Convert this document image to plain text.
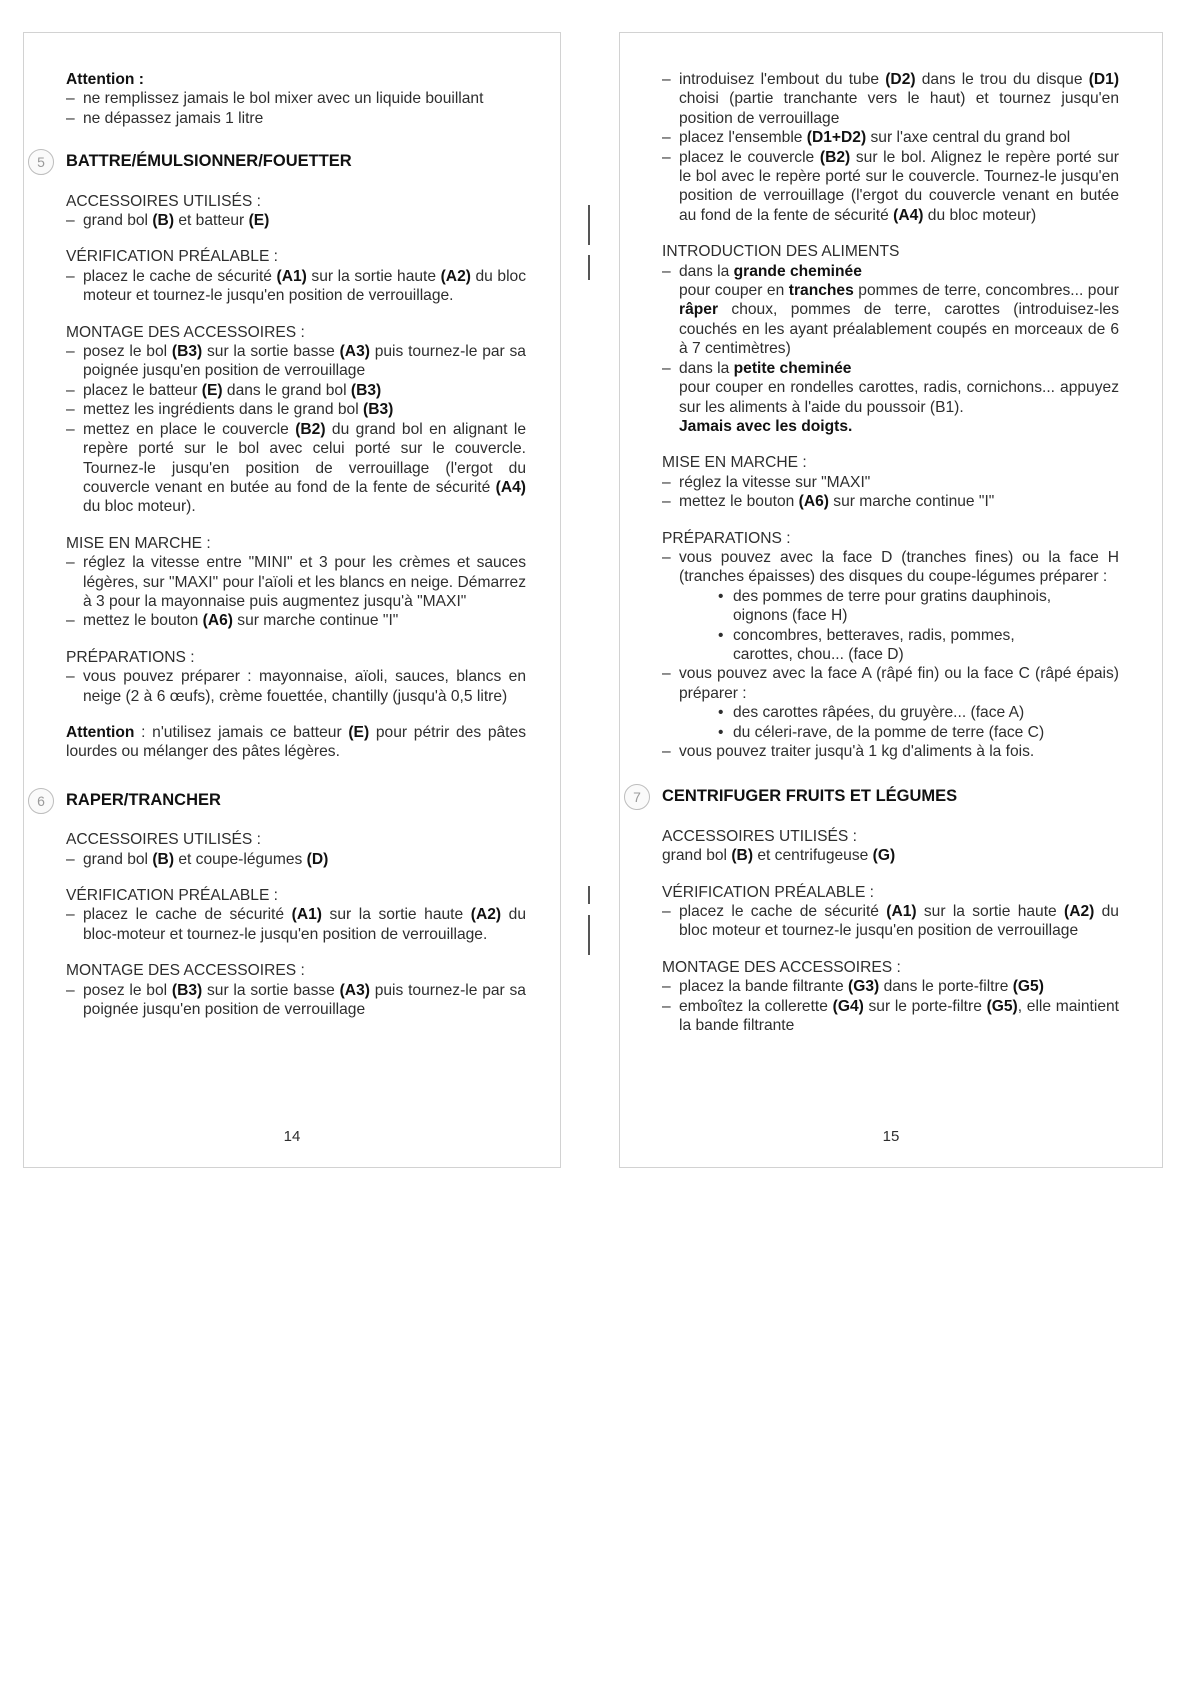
Attention :

– ne remplissez jamais le bol mixer avec un liquide bouillant

– ne dépassez jamais 1 litre

5	BATTRE/ÉMULSIONNER/FOUETTER

ACCESSOIRES UTILISÉS :

– grand bol (B) et batteur (E)

VÉRIFICATION PRÉALABLE :

– placez le cache de sécurité (A1) sur la sortie haute (A2) du bloc moteur et tournez-le jusqu'en position de verrouillage.

MONTAGE DES ACCESSOIRES :

– posez le bol (B3) sur la sortie basse (A3) puis tournez-le par sa poignée jusqu'en position de verrouillage

– placez le batteur (E) dans le grand bol (B3)

– mettez les ingrédients dans le grand bol (B3)

– mettez en place le couvercle (B2) du grand bol en alignant le repère porté sur le bol avec celui porté sur le couvercle. Tournez-le jusqu'en position de verrouillage (l'ergot du couvercle venant en butée au fond de la fente de sécurité (A4) du bloc moteur).

MISE EN MARCHE :

– réglez la vitesse entre "MINI" et 3 pour les crèmes et sauces légères, sur "MAXI" pour l'aïoli et les blancs en neige. Démarrez à 3 pour la mayonnaise puis augmentez jusqu'à "MAXI"

– mettez le bouton (A6) sur marche continue "I"

PRÉPARATIONS :

– vous pouvez préparer : mayonnaise, aïoli, sauces, blancs en neige (2 à 6 œufs), crème fouettée, chantilly (jusqu'à 0,5 litre)

Attention : n'utilisez jamais ce batteur (E) pour pétrir des pâtes lourdes ou mélanger des pâtes légères.

6	RAPER/TRANCHER

ACCESSOIRES UTILISÉS :

– grand bol (B) et coupe-légumes (D)

VÉRIFICATION PRÉALABLE :

– placez le cache de sécurité (A1) sur la sortie haute (A2) du bloc-moteur et tournez-le jusqu'en position de verrouillage.

MONTAGE DES ACCESSOIRES :

– posez le bol (B3) sur la sortie basse (A3) puis tournez-le par sa poignée jusqu'en position de verrouillage

14

– introduisez l'embout du tube (D2) dans le trou du disque (D1) choisi (partie tranchante vers le haut) et tournez jusqu'en position de verrouillage

– placez l'ensemble (D1+D2) sur l'axe central du grand bol

– placez le couvercle (B2) sur le bol. Alignez le repère porté sur le bol avec le repère porté sur le couvercle. Tournez-le jusqu'en position de verrouillage (l'ergot du couvercle venant en butée au fond de la fente de sécurité (A4) du bloc moteur)

INTRODUCTION DES ALIMENTS

– dans la grande cheminée

pour couper en tranches pommes de terre, concombres... pour râper choux, pommes de terre, carottes (introduisez-les couchés en les ayant préalablement coupés en morceaux de 6 à 7 centimètres)

– dans la petite cheminée

pour couper en rondelles carottes, radis, cornichons... appuyez sur les aliments à l'aide du poussoir (B1).

Jamais avec les doigts.

MISE EN MARCHE :

– réglez la vitesse sur "MAXI"

– mettez le bouton (A6) sur marche continue "I"

PRÉPARATIONS :

– vous pouvez avec la face D (tranches fines) ou la face H (tranches épaisses) des disques du coupe-légumes préparer :

• des pommes de terre pour gratins dauphinois,

oignons (face H)

• concombres, betteraves, radis, pommes,

carottes, chou... (face D)

– vous pouvez avec la face A (râpé fin) ou la face C (râpé épais) préparer :

• des carottes râpées, du gruyère... (face A)

• du céleri-rave, de la pomme de terre (face C)

– vous pouvez traiter jusqu'à 1 kg d'aliments à la fois.

7	CENTRIFUGER FRUITS ET LÉGUMES

ACCESSOIRES UTILISÉS :

grand bol (B) et centrifugeuse (G)

VÉRIFICATION PRÉALABLE :

– placez le cache de sécurité (A1) sur la sortie haute (A2) du bloc moteur et tournez-le jusqu'en position de verrouillage

MONTAGE DES ACCESSOIRES :

– placez la bande filtrante (G3) dans le porte-filtre (G5)

– emboîtez la collerette (G4) sur le porte-filtre (G5), elle maintient la bande filtrante

15
